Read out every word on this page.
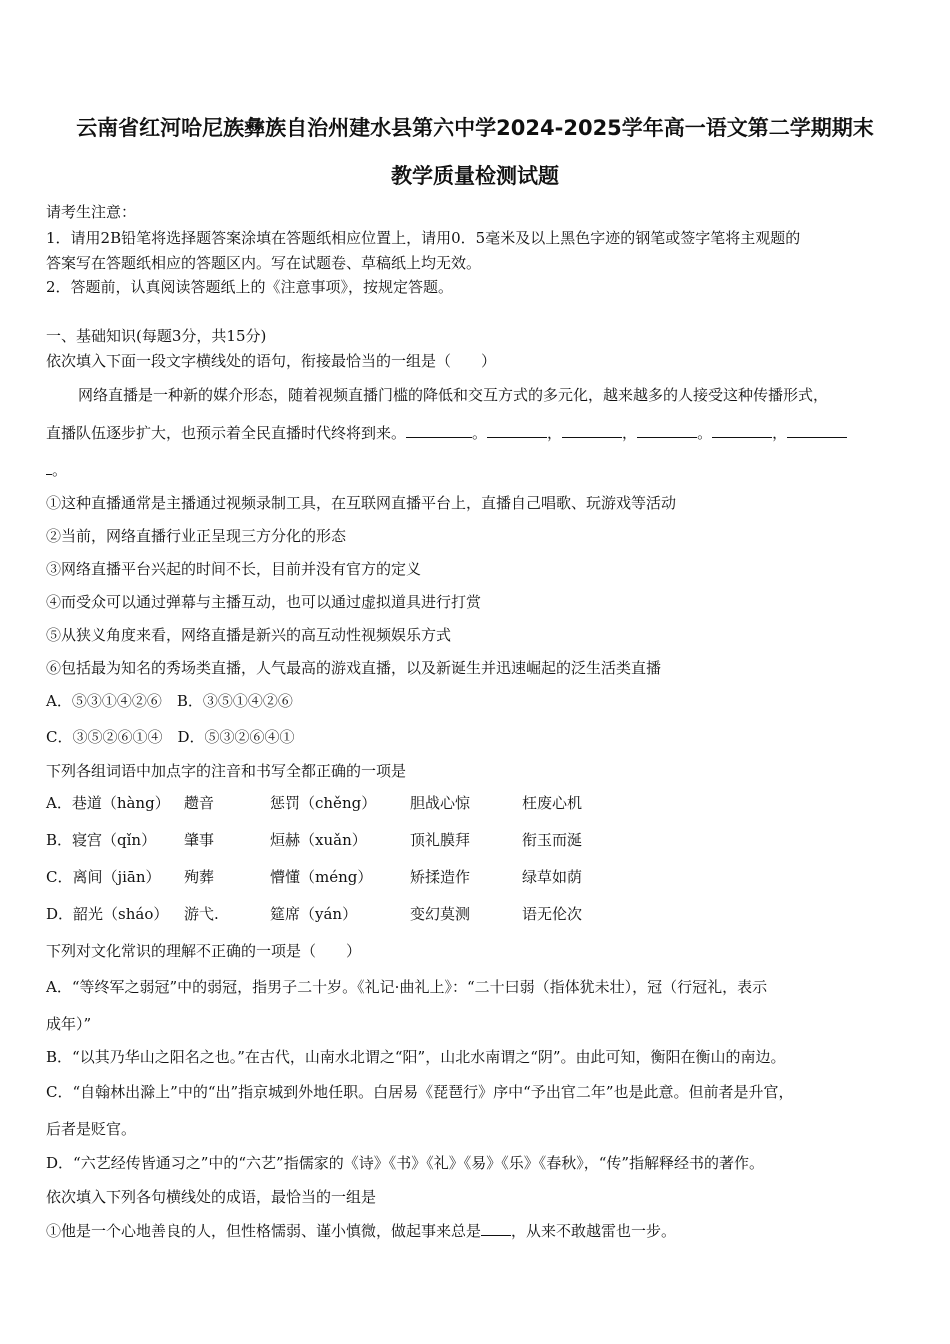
云南省红河哈尼族彝族自治州建水县第六中学2024-2025学年高一语文第二学期期末
教学质量检测试题
请考生注意：
1．请用2B铅笔将选择题答案涂填在答题纸相应位置上，请用0．5毫米及以上黑色字迹的钢笔或签字笔将主观题的
答案写在答题纸相应的答题区内。写在试题卷、草稿纸上均无效。
2．答题前，认真阅读答题纸上的《注意事项》，按规定答题。
一、基础知识(每题3分，共15分)
依次填入下面一段文字横线处的语句，衔接最恰当的一组是（　　）
网络直播是一种新的媒介形态，随着视频直播门槛的降低和交互方式的多元化，越来越多的人接受这种传播形式，
直播队伍逐步扩大，也预示着全民直播时代终将到来。	。	，	，	。	，
。
①这种直播通常是主播通过视频录制工具，在互联网直播平台上，直播自己唱歌、玩游戏等活动
②当前，网络直播行业正呈现三方分化的形态
③网络直播平台兴起的时间不长，目前并没有官方的定义
④而受众可以通过弹幕与主播互动，也可以通过虚拟道具进行打赏
⑤从狭义角度来看，网络直播是新兴的高互动性视频娱乐方式
⑥包括最为知名的秀场类直播，人气最高的游戏直播，以及新诞生并迅速崛起的泛生活类直播
A．⑤③①④②⑥　B．③⑤①④②⑥
C．③⑤②⑥①④　D．⑤③②⑥④①
下列各组词语中加点字的注音和书写全都正确的一项是
A．巷道（hàng） 趱音	惩罚（chěng） 胆战心惊	枉废心机
B．寝宫（qǐn） 肇事	烜赫（xuǎn）	顶礼膜拜	衔玉而涎
C．离间（jiān） 殉葬	懵懂（méng）	矫揉造作	绿草如荫
D．韶光（sháo） 游弋.	筵席（yán）	变幻莫测	语无伦次
下列对文化常识的理解不正确的一项是（　　）
A．“等终军之弱冠”中的弱冠，指男子二十岁。《礼记·曲礼上》：“二十曰弱（指体犹未壮），冠（行冠礼，表示
成年）”
B．“以其乃华山之阳名之也。”在古代，山南水北谓之“阳”，山北水南谓之“阴”。由此可知，衡阳在衡山的南边。
C．“自翰林出滁上”中的“出”指京城到外地任职。白居易《琵琶行》序中“予出官二年”也是此意。但前者是升官，
后者是贬官。
D．“六艺经传皆通习之”中的“六艺”指儒家的《诗》《书》《礼》《易》《乐》《春秋》，“传”指解释经书的著作。
依次填入下列各句横线处的成语，最恰当的一组是
①他是一个心地善良的人，但性格懦弱、谨小慎微，做起事来总是 ，从来不敢越雷也一步。
